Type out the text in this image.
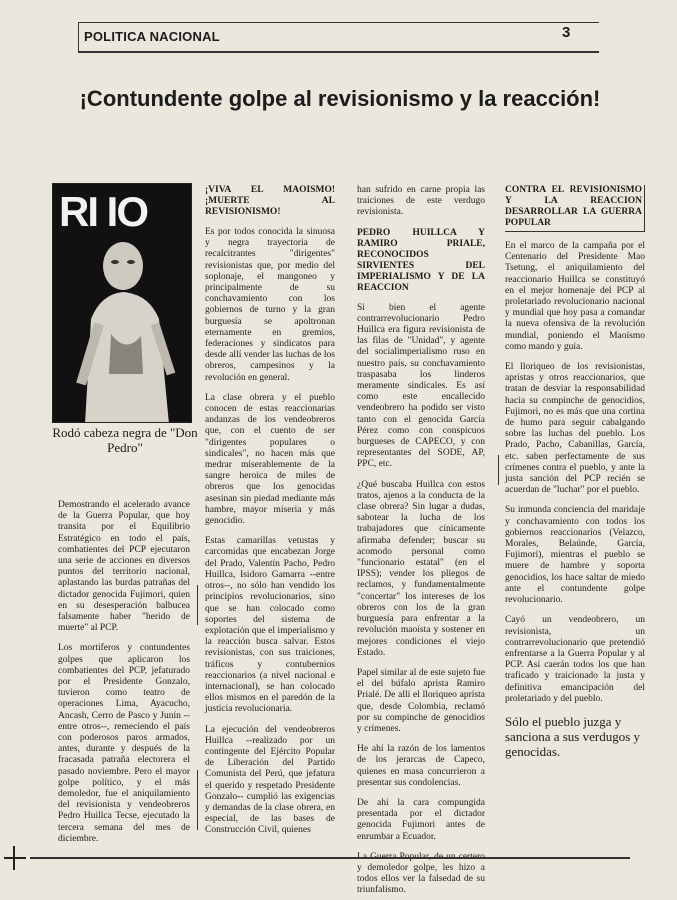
POLITICA NACIONAL	3
¡Contundente golpe al revisionismo y la reacción!
RI IO
Rodó cabeza negra de "Don Pedro"

Demostrando el acelerado avance de la Guerra Popular, que hoy transita por el Equilibrio Estratégico en todo el país, combatientes del PCP ejecutaron una serie de acciones en diversos puntos del territorio nacional, aplastando las burdas patrañas del dictador genocida Fujimori, quien en su desesperación balbucea falsamente haber "herido de muerte" al PCP.

Los mortíferos y contundentes golpes que aplicaron los combatientes del PCP, jefaturado por el Presidente Gonzalo, tuvieron como teatro de operaciones Lima, Ayacucho, Ancash, Cerro de Pasco y Junín --entre otros--, remeciendo el país con poderosos paros armados, antes, durante y después de la fracasada patraña electorera el pasado noviembre. Pero el mayor golpe político, y el más demoledor, fue el aniquilamiento del revisionista y vendeobreros Pedro Huillca Tecse, ejecutado la tercera semana del mes de diciembre.

¡VIVA EL MAOISMO! ¡MUERTE AL REVISIONISMO!

Es por todos conocida la sinuosa y negra trayectoria de recalcitrantes "dirigentes" revisionistas que, por medio del soplonaje, el mangoneo y principalmente de su conchavamiento con los gobiernos de turno y la gran burguesía se apoltronan eternamente en gremios, federaciones y sindicatos para desde allí vender las luchas de los obreros, campesinos y la revolución en general.

La clase obrera y el pueblo conocen de estas reaccionarias andanzas de los vendeobreros que, con el cuento de ser "dirigentes populares o sindicales", no hacen más que medrar miserablemente de la sangre heroica de miles de obreros que los genocidas asesinan sin piedad mediante más hambre, mayor miseria y más genocidio.

Estas camarillas vetustas y carcomidas que encabezan Jorge del Prado, Valentín Pacho, Pedro Huillca, Isidoro Gamarra --entre otros--, no sólo han vendido los principios revolucionarios, sino que se han colocado como soportes del sistema de explotación que el imperialismo y la reacción busca salvar. Estos revisionistas, con sus traiciones, tráficos y contubernios reaccionarios (a nivel nacional e internacional), se han colocado ellos mismos en el paredón de la justicia revolucionaria.

La ejecución del vendeobreros Huillca --realizado por un contingente del Ejército Popular de Liberación del Partido Comunista del Perú, que jefatura el querido y respetado Presidente Gonzalo-- cumplió las exigencias y demandas de la clase obrera, en especial, de las bases de Construcción Civil, quienes

han sufrido en carne propia las traiciones de este verdugo revisionista.

PEDRO HUILLCA Y RAMIRO PRIALE, RECONOCIDOS SIRVIENTES DEL IMPERIALISMO Y DE LA REACCION

Si bien el agente contrarrevolucionario Pedro Huillca era figura revisionista de las filas de "Unidad", y agente del socialimperialismo ruso en nuestro país, su conchavamiento traspasaba los linderos meramente sindicales. Es así como este encallecido vendeobrero ha podido ser visto tanto con el genocida García Pérez como con conspicuos burgueses de CAPECO, y con representantes del SODE, AP, PPC, etc.

¿Qué buscaba Huillca con estos tratos, ajenos a la conducta de la clase obrera? Sin lugar a dudas, sabotear la lucha de los trabajadores que cínicamente afirmaba defender; buscar su acomodo personal como "funcionario estatal" (en el IPSS); vender los pliegos de reclamos, y fundamentalmente "concertar" los intereses de los obreros con los de la gran burguesía para enfrentar a la revolución maoísta y sostener en mejores condiciones el viejo Estado.

Papel similar al de este sujeto fue el del búfalo aprista Ramiro Prialé. De allí el lloriqueo aprista que, desde Colombia, reclamó por su compinche de genocidios y crímenes.

He ahí la razón de los lamentos de los jerarcas de Capeco, quienes en masa concurrieron a presentar sus condolencias.

De ahí la cara compungida presentada por el dictador genocida Fujimori antes de enrumbar a Ecuador.

y demoledor golpe, les hizo a todos ellos ver la falsedad de su triunfalismo.

CONTRA EL REVISIONISMO Y LA REACCION DESARROLLAR LA GUERRA POPULAR

En el marco de la campaña por el Centenario del Presidente Mao Tsetung, el aniquilamiento del reaccionario Huillca se constituyó en el mejor homenaje del PCP al proletariado revolucionario nacional y mundial que hoy pasa a comandar la nueva ofensiva de la revolución mundial, poniendo el Maoísmo como mando y guía.

El lloriqueo de los revisionistas, apristas y otros reaccionarios, que tratan de desviar la responsabilidad hacia su compinche de genocidios, Fujimori, no es más que una cortina de humo para seguir cabalgando sobre las luchas del pueblo. Los Prado, Pacho, Cabanillas, García, etc. saben perfectamente de sus crímenes contra el pueblo, y ante la justa sanción del PCP recién se acuerdan de "luchar" por el pueblo.

Su inmunda conciencia del maridaje y conchavamiento con todos los gobiernos reaccionarios (Velazco, Morales, Belaúnde, García, Fujimori), mientras el pueblo se muere de hambre y soporta genocidios, los hace saltar de miedo ante el contundente golpe revolucionario.

Cayó un vendeobrero, un revisionista, un contrarrevolucionario que pretendió enfrentarse a la Guerra Popular y al PCP. Así caerán todos los que han traficado y traicionado la justa y definitiva emancipación del proletariado y del pueblo.

Sólo el pueblo juzga y sanciona a sus verdugos y genocidas.
